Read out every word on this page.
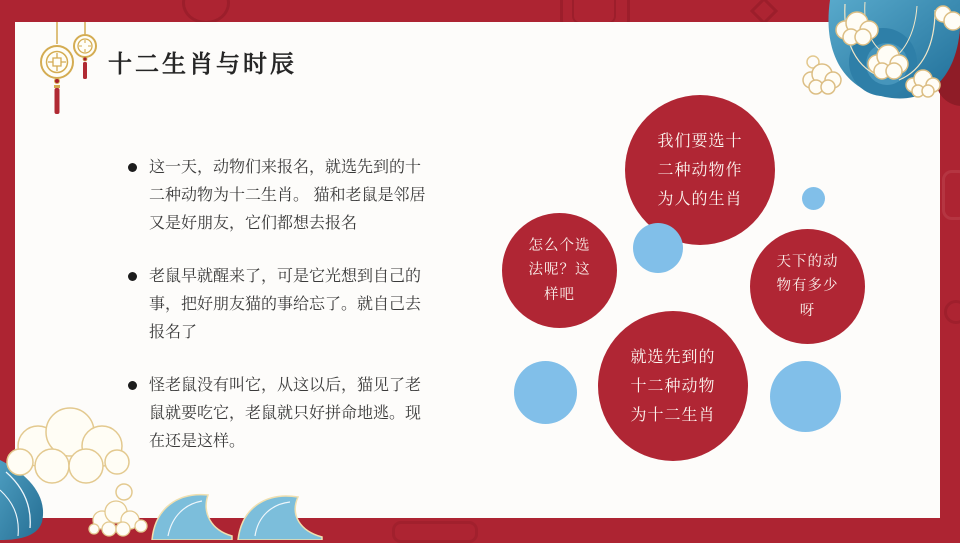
十二生肖与时辰
这一天，动物们来报名，就选先到的十二种动物为十二生肖。 猫和老鼠是邻居又是好朋友，它们都想去报名
老鼠早就醒来了，可是它光想到自己的事，把好朋友猫的事给忘了。就自己去报名了
怪老鼠没有叫它，从这以后，猫见了老鼠就要吃它，老鼠就只好拼命地逃。现在还是这样。
我们要选十
二种动物作
为人的生肖
怎么个选
法呢？这
样吧
天下的动
物有多少
呀
就选先到的
十二种动物
为十二生肖
